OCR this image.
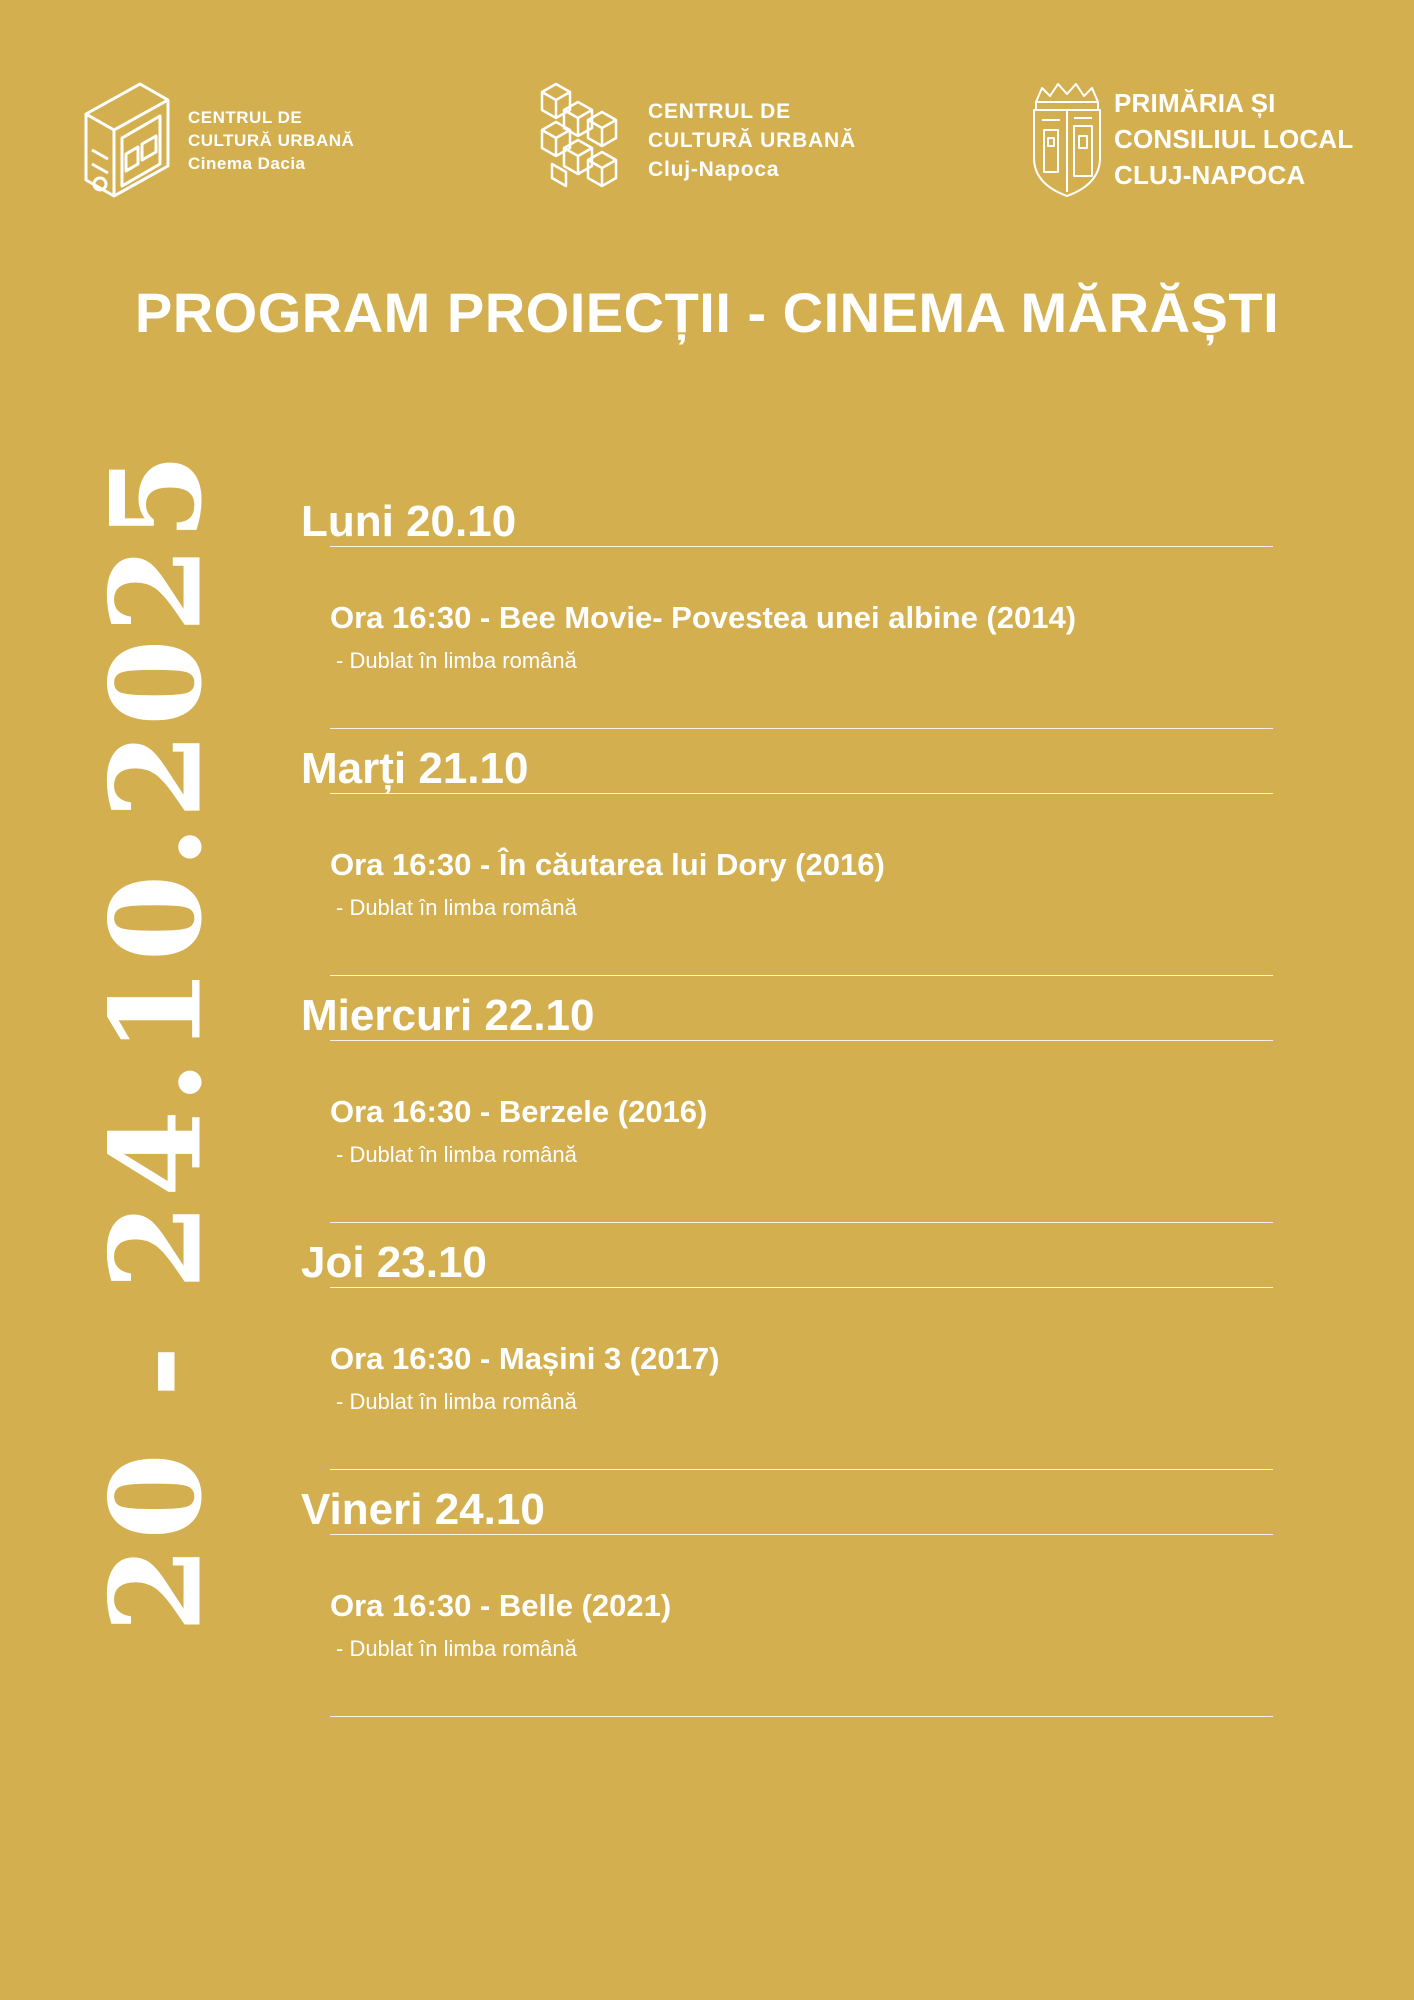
CENTRUL DE
CULTURĂ URBANĂ
Cinema Dacia
CENTRUL DE
CULTURĂ URBANĂ
Cluj-Napoca
PRIMĂRIA ȘI
CONSILIUL LOCAL
CLUJ-NAPOCA
PROGRAM PROIECȚII - CINEMA MĂRĂȘTI
20 - 24.10.2025 Luni 20.10
Ora 16:30 - Bee Movie- Povestea unei albine (2014)
- Dublat în limba română
Marți 21.10
Ora 16:30 - În căutarea lui Dory (2016)
- Dublat în limba română
Miercuri 22.10
Ora 16:30 - Berzele (2016)
- Dublat în limba română
Joi 23.10
Ora 16:30 - Mașini 3 (2017)
- Dublat în limba română
Vineri 24.10
Ora 16:30 - Belle (2021)
- Dublat în limba română
